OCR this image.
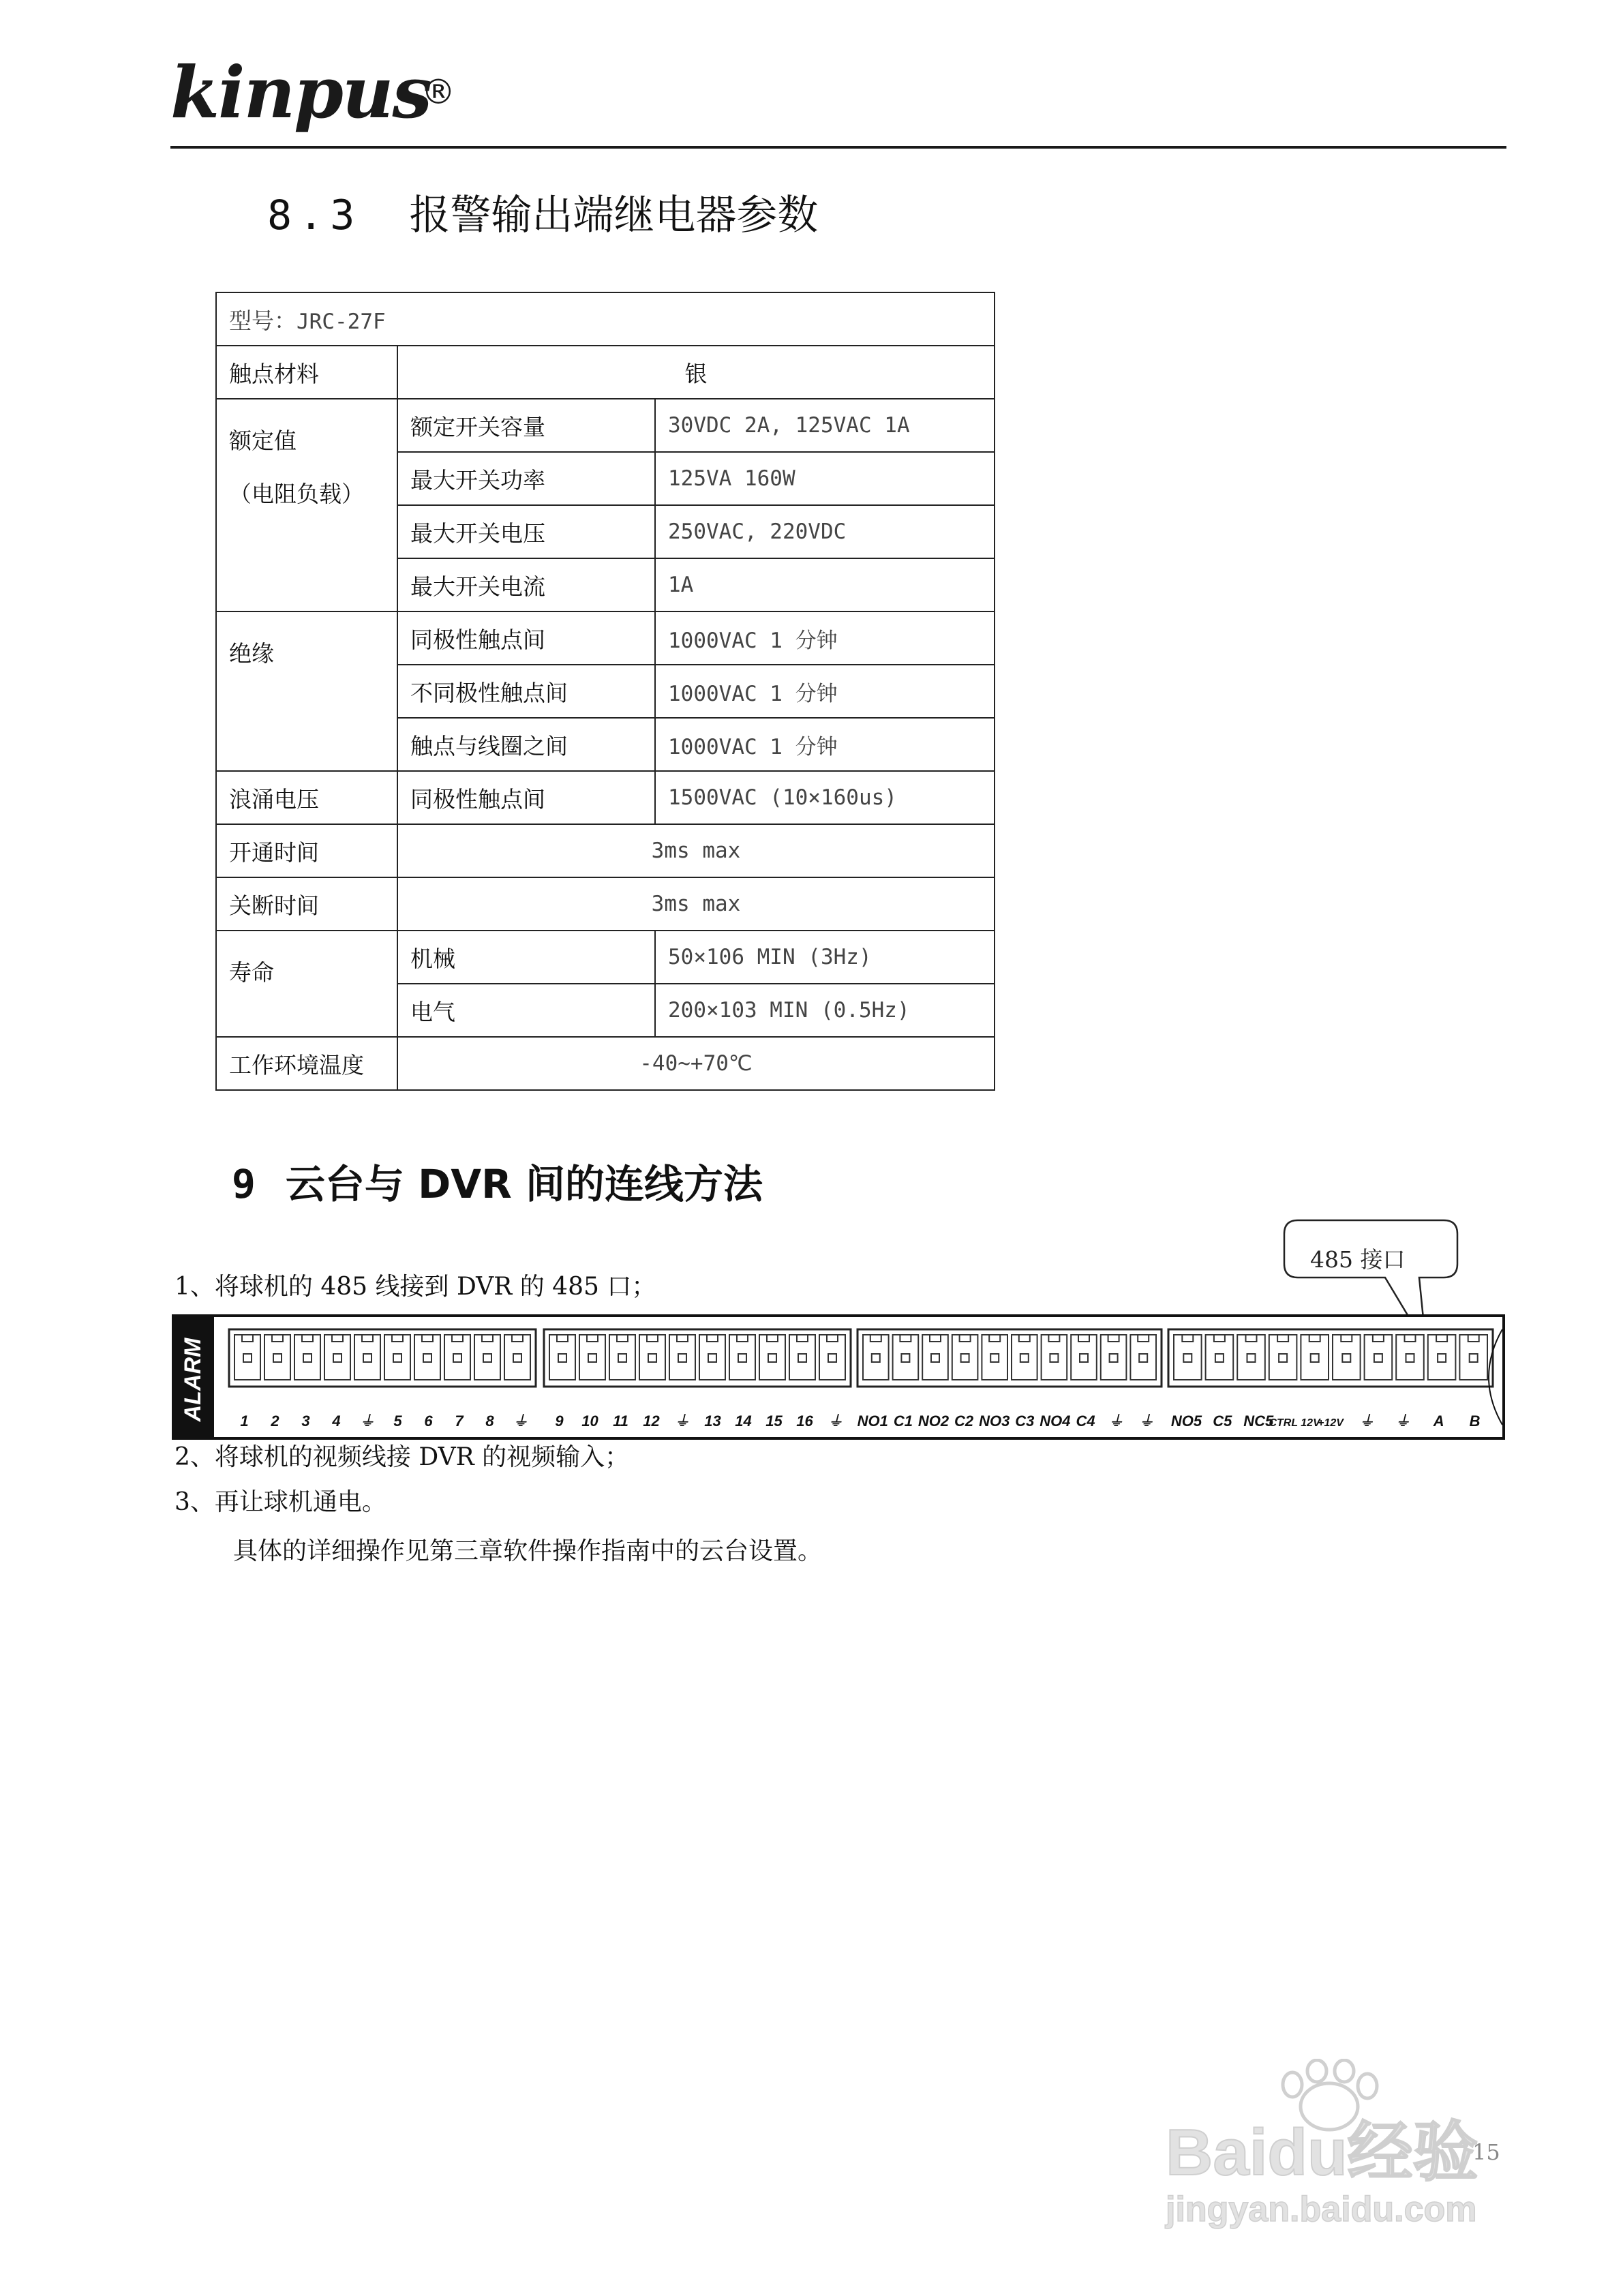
kinpus
®
8.3 报警输出端继电器参数
型号：JRC-27F		
触点材料	银	

额定值
（电阻负载）	额定开关容量	30VDC 2A, 125VAC 1A
	最大开关功率	125VA 160W
	最大开关电压	250VAC, 220VDC
	最大开关电流	1A
绝缘	同极性触点间	1000VAC 1 分钟
	不同极性触点间	1000VAC 1 分钟
	触点与线圈之间	1000VAC 1 分钟
浪涌电压	同极性触点间	1500VAC (10×160us)
开通时间	3ms max	
关断时间	3ms max	
寿命	机械	50×106 MIN (3Hz)
	电气	200×103 MIN (0.5Hz)
工作环境温度	-40~+70℃	
9 云台与 DVR 间的连线方法
1、将球机的 485 线接到 DVR 的 485 口；
485 接口
ALARM 1 2 3 4 ⏚ 5 6 7 8 ⏚ 9 10 11 12 ⏚ 13 14 15 16 ⏚ NO1 C1 NO2 C2 NO3 C3 NO4 C4 ⏚ ⏚ NO5 C5 NC5
CTRL 12V
+12V ⏚ ⏚ A B
2、将球机的视频线接 DVR 的视频输入；
3、再让球机通电。
具体的详细操作见第三章软件操作指南中的云台设置。
15
Baidu经验
jingyan.baidu.com
